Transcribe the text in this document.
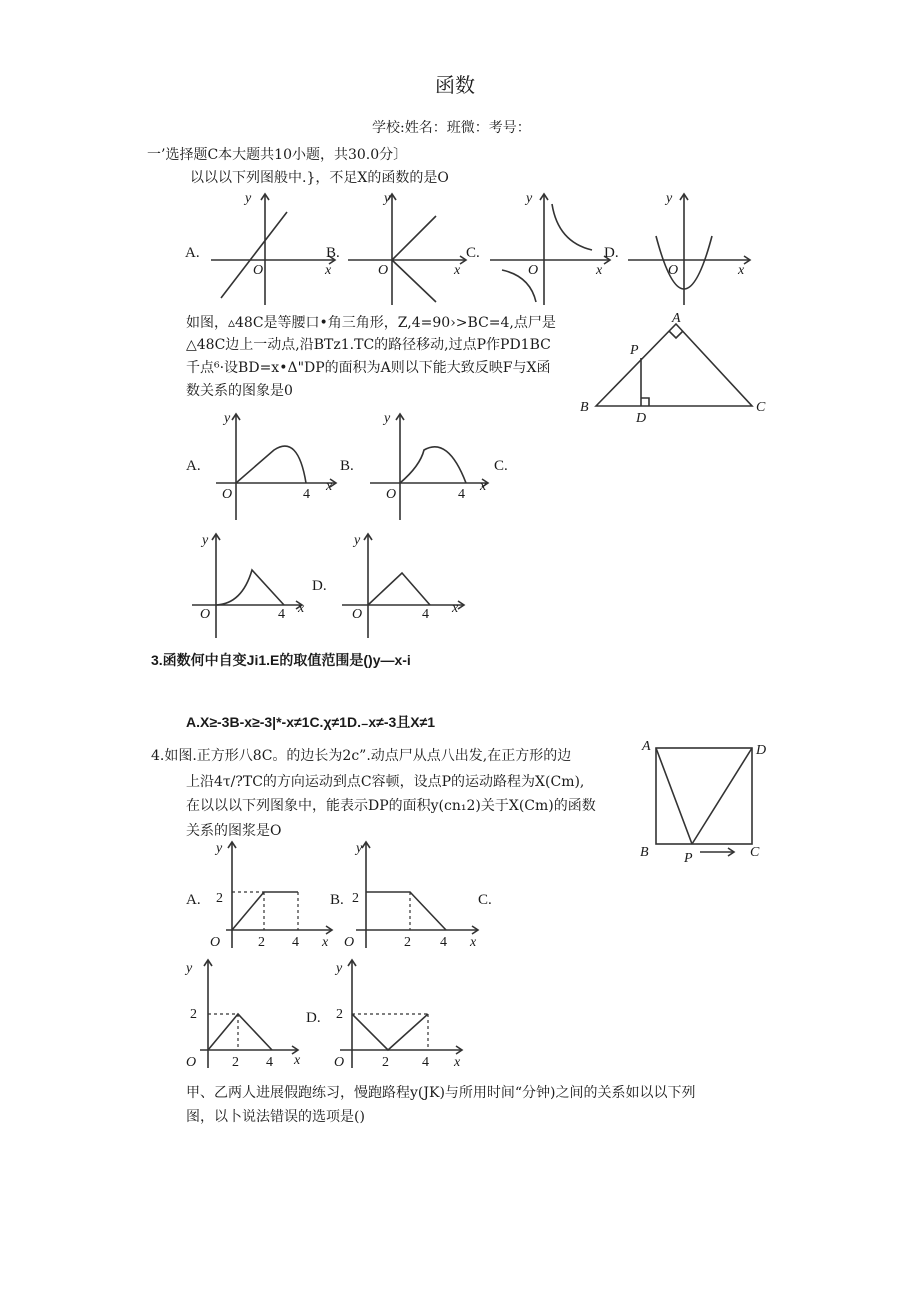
函数
学校:姓名：班微：考号：
一’选择题C本大题共10小题，共30.0分〕
以以以下列图般中.}，不足X的函数的是O
A.
O	x
y
B.
O	x
y
C.
O	x
y
D.
O	x
y
如图，▵48C是等腰口•角三角形，Z,4=90›>BC=4,点尸是
△48C边上一动点,沿BTz1.TC的路径移动,过点P作PD1BC
千点⁶·设BD=x•Δ"DP的面积为A则以下能大致反映F与X函
数关系的图象是0
A
B	C
P
D
A.
O	4
x
y
B.
O	4
x
y
C.
O	4 x
y
D.
O	4 x
y
3.函数何中自变Ji1.E的取值范围是()y—x-i
A.X≥-3B-x≥-3|*-x≠1C.χ≠1D.₋x≠-3且X≠1
4.如图.正方形八8C。的边长为2c”.动点尸从点八出发,在正方形的边
上沿4τ/?TC的方向运动到点C容顿，设点P的运动路程为X(Cm),
在以以以下列图象中，能表示DP的面积y(cn₁2)关于X(Cm)的函数
关系的图浆是O
A	D
B	C
P
A. 2
O	2 4 x
y
B. 2
O	2 4 x
y
C.
2
O	2 4 x
y
D. 2
O	2 4 x
y
甲、乙两人进展假跑练习，慢跑路程y(JK)与所用时间“分钟)之间的关系如以以下列
图，以卜说法错误的选项是()
